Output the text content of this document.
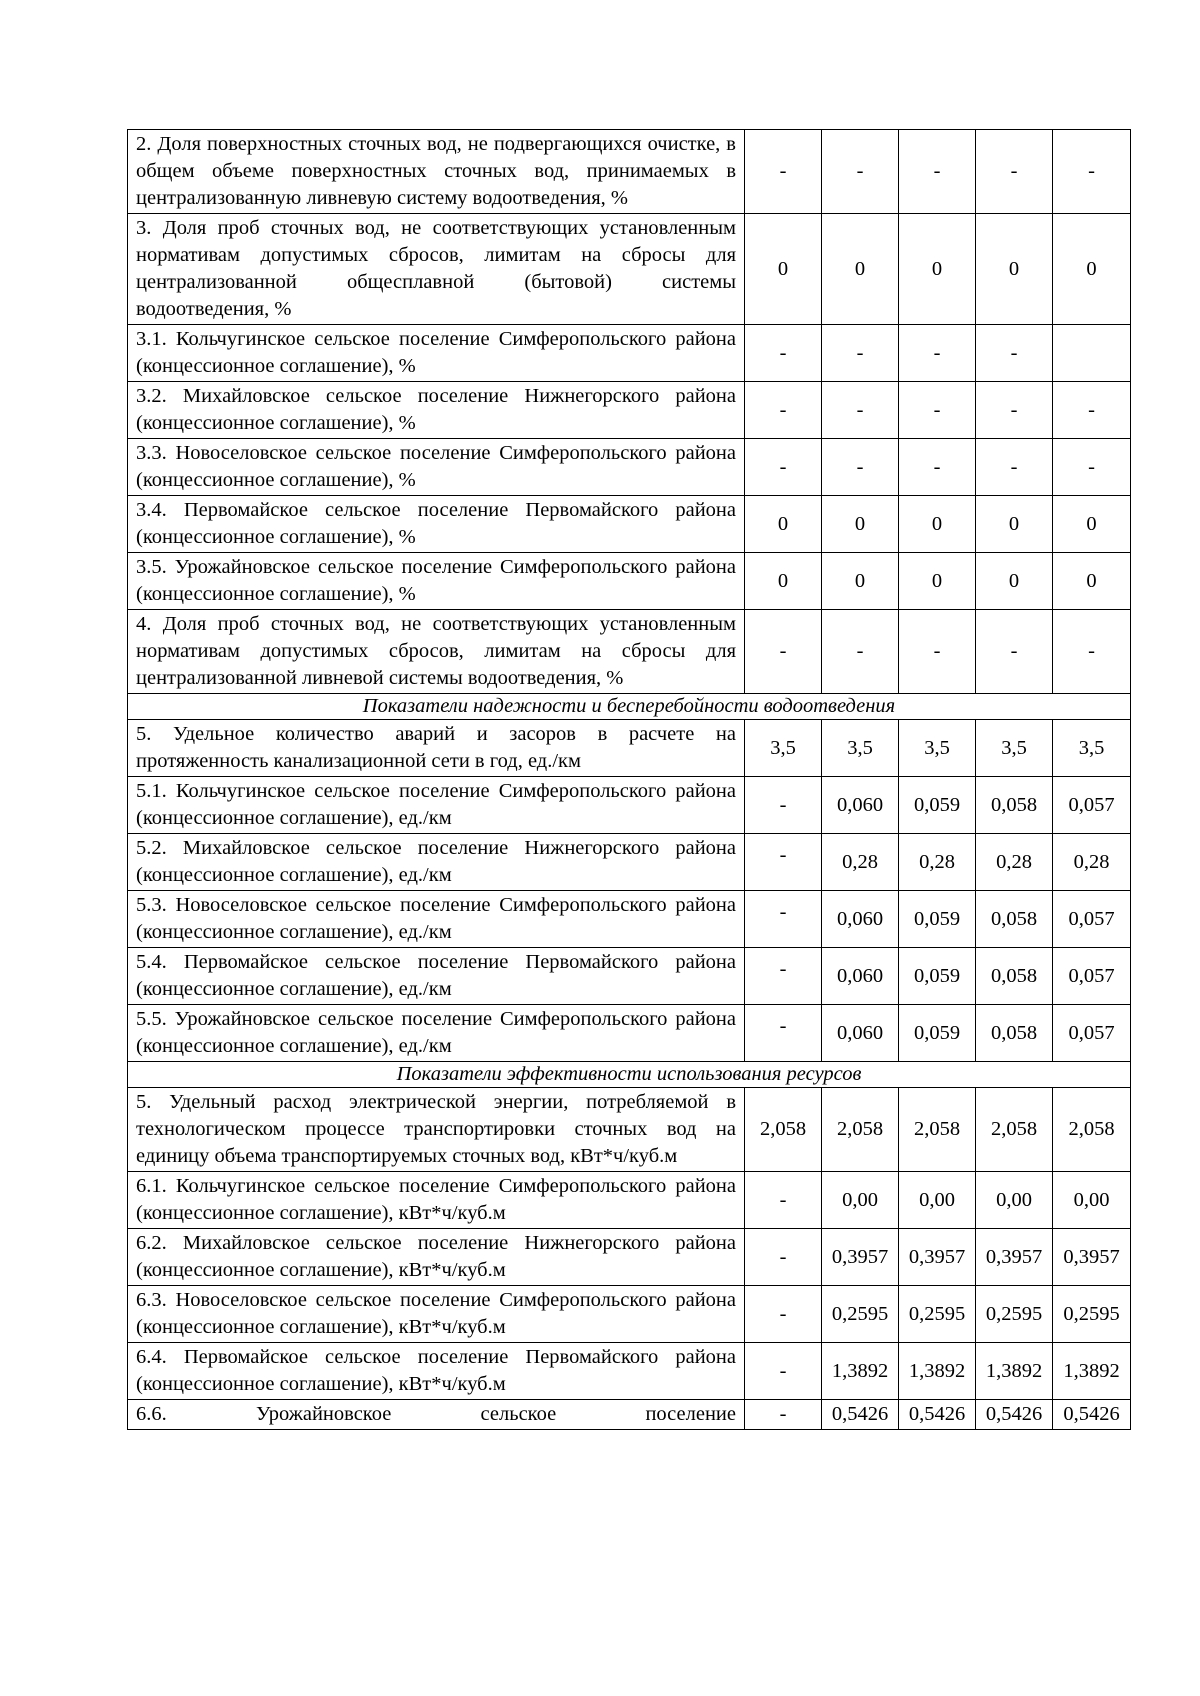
2. Доля поверхностных сточных вод, не подвергающихся очистке, в общем объеме поверхностных сточных вод, принимаемых в централизованную ливневую систему водоотведения, %	-	-	-	-	-
3. Доля проб сточных вод, не соответствующих установленным нормативам допустимых сбросов, лимитам на сбросы для централизованной общесплавной (бытовой) системы водоотведения, %	0	0	0	0	0
3.1. Кольчугинское сельское поселение Симферопольского района (концессионное соглашение), %	-	-	-	-	
3.2. Михайловское сельское поселение Нижнегорского района (концессионное соглашение), %	-	-	-	-	-
3.3. Новоселовское сельское поселение Симферопольского района (концессионное соглашение), %	-	-	-	-	-
3.4. Первомайское сельское поселение Первомайского района (концессионное соглашение), %	0	0	0	0	0
3.5. Урожайновское сельское поселение Симферопольского района (концессионное соглашение), %	0	0	0	0	0
4. Доля проб сточных вод, не соответствующих установленным нормативам допустимых сбросов, лимитам на сбросы для централизованной ливневой системы водоотведения, %	-	-	-	-	-
Показатели надежности и бесперебойности водоотведения					
5. Удельное количество аварий и засоров в расчете на протяженность канализационной сети в год, ед./км	3,5	3,5	3,5	3,5	3,5
5.1. Кольчугинское сельское поселение Симферопольского района (концессионное соглашение), ед./км	-	0,060	0,059	0,058	0,057
5.2. Михайловское сельское поселение Нижнегорского района (концессионное соглашение), ед./км	-	0,28	0,28	0,28	0,28
5.3. Новоселовское сельское поселение Симферопольского района (концессионное соглашение), ед./км	-	0,060	0,059	0,058	0,057
5.4. Первомайское сельское поселение Первомайского района (концессионное соглашение), ед./км	-	0,060	0,059	0,058	0,057
5.5. Урожайновское сельское поселение Симферопольского района (концессионное соглашение), ед./км	-	0,060	0,059	0,058	0,057
Показатели эффективности использования ресурсов					
5. Удельный расход электрической энергии, потребляемой в технологическом процессе транспортировки сточных вод на единицу объема транспортируемых сточных вод, кВт*ч/куб.м	2,058	2,058	2,058	2,058	2,058
6.1. Кольчугинское сельское поселение Симферопольского района (концессионное соглашение), кВт*ч/куб.м	-	0,00	0,00	0,00	0,00
6.2. Михайловское сельское поселение Нижнегорского района (концессионное соглашение), кВт*ч/куб.м	-	0,3957	0,3957	0,3957	0,3957
6.3. Новоселовское сельское поселение Симферопольского района (концессионное соглашение), кВт*ч/куб.м	-	0,2595	0,2595	0,2595	0,2595
6.4. Первомайское сельское поселение Первомайского района (концессионное соглашение), кВт*ч/куб.м	-	1,3892	1,3892	1,3892	1,3892
6.6. Урожайновское сельское поселение	-	0,5426	0,5426	0,5426	0,5426
